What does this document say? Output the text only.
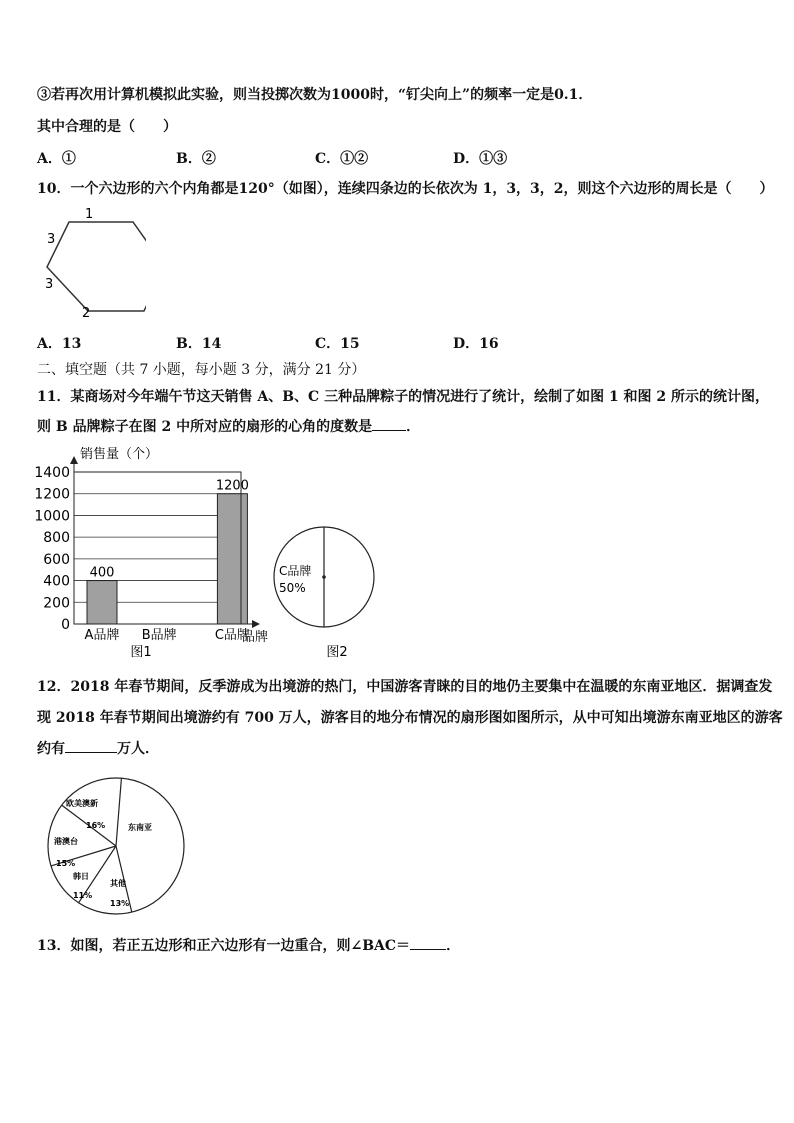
③若再次用计算机模拟此实验，则当投掷次数为1000时，“钉尖向上”的频率一定是0.1．
其中合理的是（　　）
A．①	B．②	C．①②	D．①③
10．一个六边形的六个内角都是120°（如图），连续四条边的长依次为 1，3，3，2，则这个六边形的周长是（　　）
1
3
3
2
A．13	B．14	C．15	D．16
二、填空题（共 7 小题，每小题 3 分，满分 21 分）
11．某商场对今年端午节这天销售 A、B、C 三种品牌粽子的情况进行了统计，绘制了如图 1 和图 2 所示的统计图，
则 B 品牌粽子在图 2 中所对应的扇形的心角的度数是 ．
400
1200
0
200
400
600
800
1000
1200
1400
A品牌 B品牌	C品牌
销售量（个）
品牌
图1
C品牌
50%
图2
12．2018 年春节期间，反季游成为出境游的热门，中国游客青睐的目的地仍主要集中在温暖的东南亚地区．据调查发
现 2018 年春节期间出境游约有 700 万人，游客目的地分布情况的扇形图如图所示，从中可知出境游东南亚地区的游客
约有	万人．
欧美澳新
16%	东南亚
港澳台
15%
韩日
11%
其他
13%
13．如图，若正五边形和正六边形有一边重合，则∠BAC＝	．
